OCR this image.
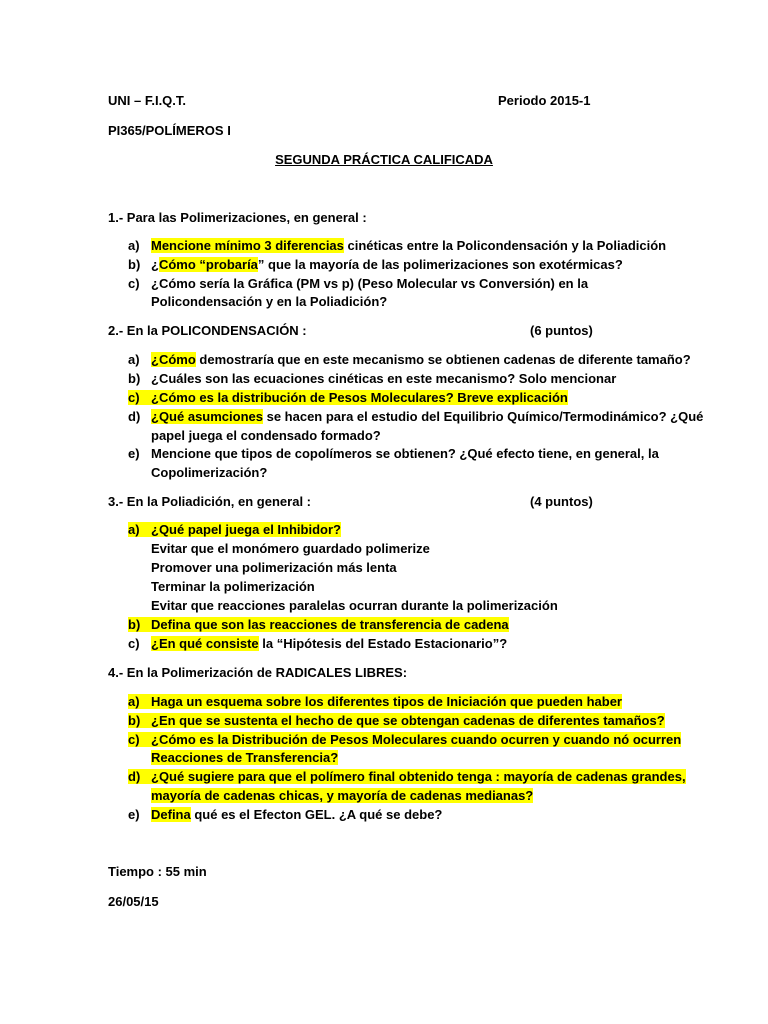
UNI – F.I.Q.T.	Periodo 2015-1
PI365/POLÍMEROS I
SEGUNDA PRÁCTICA CALIFICADA
1.- Para las Polimerizaciones, en general :
a) Mencione mínimo 3 diferencias cinéticas entre la Policondensación y la Poliadición
b) ¿Cómo “probaría” que la mayoría de las polimerizaciones son exotérmicas?
c) ¿Cómo sería la Gráfica (PM vs p) (Peso Molecular vs Conversión) en la
Policondensación y en la Poliadición?
2.- En la POLICONDENSACIÓN :	(6 puntos)
a) ¿Cómo demostraría que en este mecanismo se obtienen cadenas de diferente tamaño?
b) ¿Cuáles son las ecuaciones cinéticas en este mecanismo? Solo mencionar
c) ¿Cómo es la distribución de Pesos Moleculares? Breve explicación
d) ¿Qué asumciones se hacen para el estudio del Equilibrio Químico/Termodinámico? ¿Qué
papel juega el condensado formado?
e) Mencione que tipos de copolímeros se obtienen? ¿Qué efecto tiene, en general, la
Copolimerización?
3.- En la Poliadición, en general :	(4 puntos)
a) ¿Qué papel juega el Inhibidor?
Evitar que el monómero guardado polimerize
Promover una polimerización más lenta
Terminar la polimerización
Evitar que reacciones paralelas ocurran durante la polimerización
b) Defina que son las reacciones de transferencia de cadena
c) ¿En qué consiste la “Hipótesis del Estado Estacionario”?
4.- En la Polimerización de RADICALES LIBRES:
a) Haga un esquema sobre los diferentes tipos de Iniciación que pueden haber
b) ¿En que se sustenta el hecho de que se obtengan cadenas de diferentes tamaños?
c) ¿Cómo es la Distribución de Pesos Moleculares cuando ocurren y cuando nó ocurren
Reacciones de Transferencia?
d) ¿Qué sugiere para que el polímero final obtenido tenga : mayoría de cadenas grandes,
mayoría de cadenas chicas, y mayoría de cadenas medianas?
e) Defina qué es el Efecton GEL. ¿A qué se debe?
Tiempo : 55 min
26/05/15
